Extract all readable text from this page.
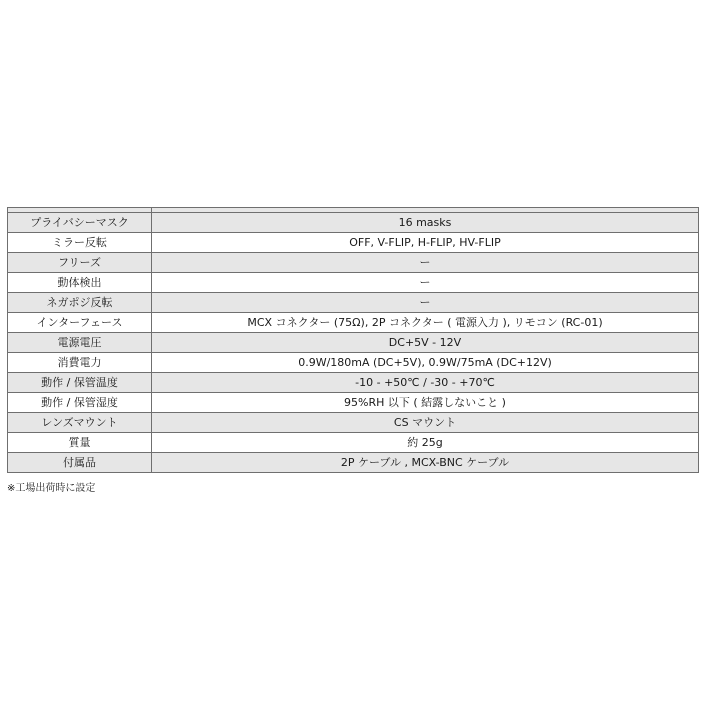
プライバシーマスク	16 masks
ミラー反転	OFF, V-FLIP, H-FLIP, HV-FLIP
フリーズ	ー
動体検出	ー
ネガポジ反転	ー
インターフェース	MCX コネクター (75Ω), 2P コネクター ( 電源入力 ), リモコン (RC-01)
電源電圧	DC+5V - 12V
消費電力	0.9W/180mA (DC+5V), 0.9W/75mA (DC+12V)
動作 / 保管温度	-10 - +50℃ / -30 - +70℃
動作 / 保管湿度	95%RH 以下 ( 結露しないこと )
レンズマウント	CS マウント
質量	約 25g
付属品	2P ケーブル , MCX-BNC ケーブル
※工場出荷時に設定
